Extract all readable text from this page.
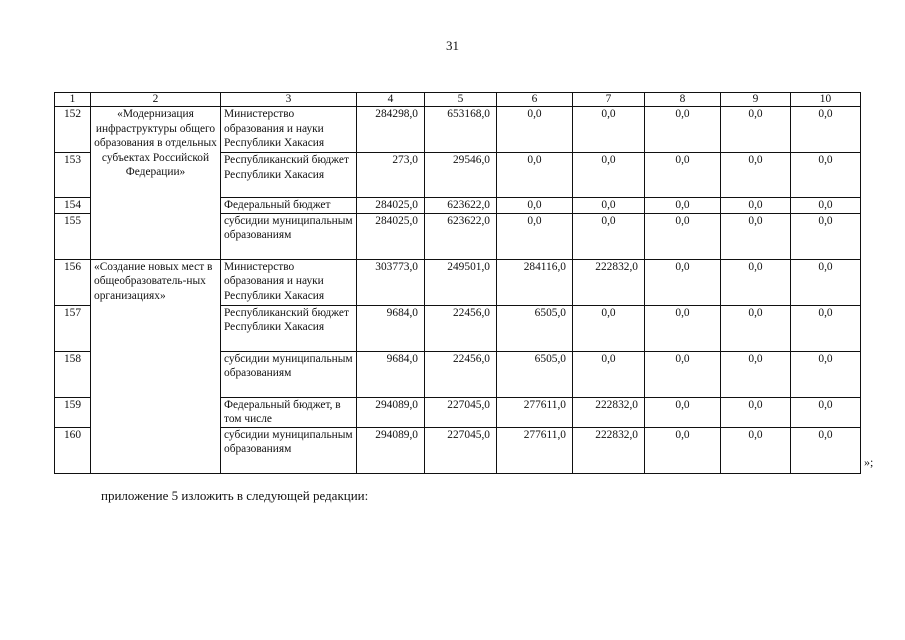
31
1	2	3	4	5	6	7	8	9	10
152	«Модернизация инфраструктуры общего образования в отдельных субъектах Российской Федерации»	Министерство образования и науки Республики Хакасия	284298,0	653168,0	0,0	0,0	0,0	0,0	0,0
153		Республиканский бюджет Республики Хакасия	273,0	29546,0	0,0	0,0	0,0	0,0	0,0
154		Федеральный бюджет	284025,0	623622,0	0,0	0,0	0,0	0,0	0,0
155		субсидии муниципальным образованиям	284025,0	623622,0	0,0	0,0	0,0	0,0	0,0
156	«Создание новых мест в общеобразователь-ных организациях»	Министерство образования и науки Республики Хакасия	303773,0	249501,0	284116,0	222832,0	0,0	0,0	0,0
157		Республиканский бюджет Республики Хакасия	9684,0	22456,0	6505,0	0,0	0,0	0,0	0,0
158		субсидии муниципальным образованиям	9684,0	22456,0	6505,0	0,0	0,0	0,0	0,0
159		Федеральный бюджет, в том числе	294089,0	227045,0	277611,0	222832,0	0,0	0,0	0,0
160		субсидии муниципальным образованиям	294089,0	227045,0	277611,0	222832,0	0,0	0,0	0,0
»;
приложение 5 изложить в следующей редакции:
